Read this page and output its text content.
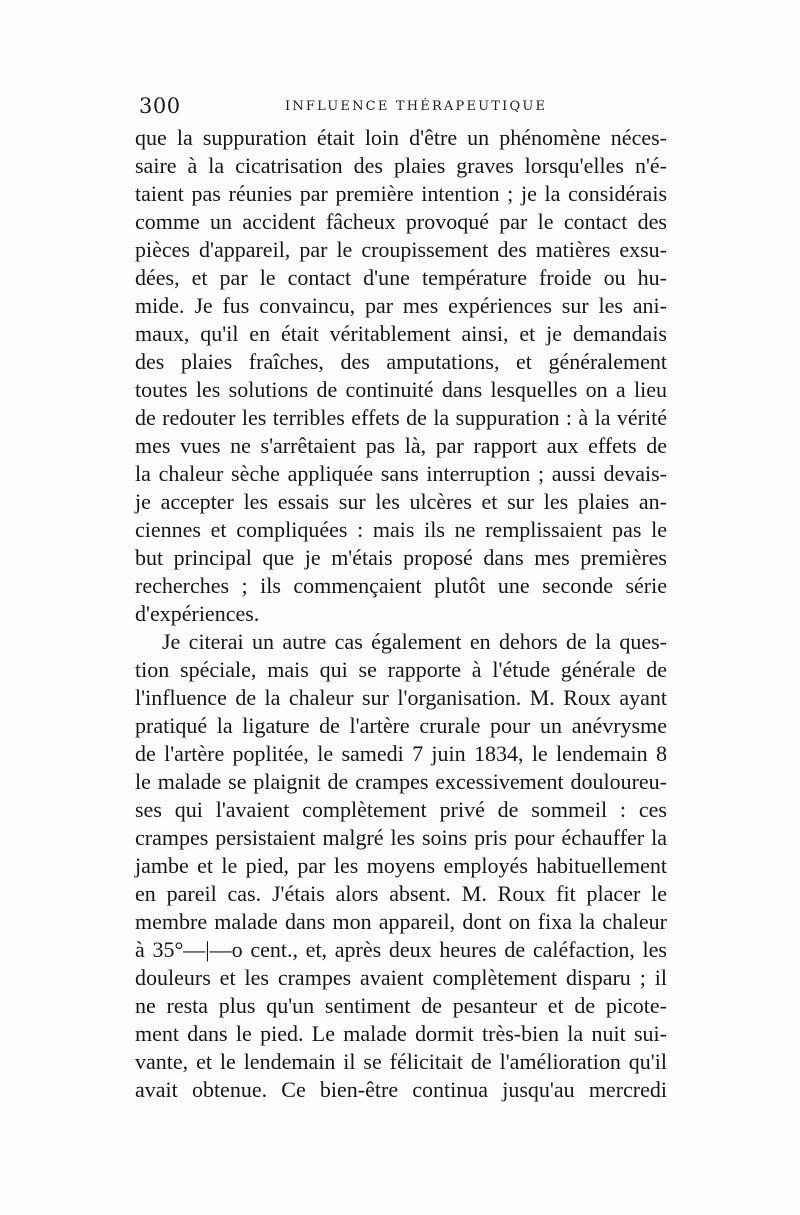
300	INFLUENCE THÉRAPEUTIQUE
que la suppuration était loin d'être un phénomène néces-
saire à la cicatrisation des plaies graves lorsqu'elles n'é-
taient pas réunies par première intention ; je la considérais
comme un accident fâcheux provoqué par le contact des
pièces d'appareil, par le croupissement des matières exsu-
dées, et par le contact d'une température froide ou hu-
mide. Je fus convaincu, par mes expériences sur les ani-
maux, qu'il en était véritablement ainsi, et je demandais
des plaies fraîches, des amputations, et généralement
toutes les solutions de continuité dans lesquelles on a lieu
de redouter les terribles effets de la suppuration : à la vérité
mes vues ne s'arrêtaient pas là, par rapport aux effets de
la chaleur sèche appliquée sans interruption ; aussi devais-
je accepter les essais sur les ulcères et sur les plaies an-
ciennes et compliquées : mais ils ne remplissaient pas le
but principal que je m'étais proposé dans mes premières
recherches ; ils commençaient plutôt une seconde série
d'expériences.
Je citerai un autre cas également en dehors de la ques-
tion spéciale, mais qui se rapporte à l'étude générale de
l'influence de la chaleur sur l'organisation. M. Roux ayant
pratiqué la ligature de l'artère crurale pour un anévrysme
de l'artère poplitée, le samedi 7 juin 1834, le lendemain 8
le malade se plaignit de crampes excessivement douloureu-
ses qui l'avaient complètement privé de sommeil : ces
crampes persistaient malgré les soins pris pour échauffer la
jambe et le pied, par les moyens employés habituellement
en pareil cas. J'étais alors absent. M. Roux fit placer le
membre malade dans mon appareil, dont on fixa la chaleur
à 35°—|—o cent., et, après deux heures de caléfaction, les
douleurs et les crampes avaient complètement disparu ; il
ne resta plus qu'un sentiment de pesanteur et de picote-
ment dans le pied. Le malade dormit très-bien la nuit sui-
vante, et le lendemain il se félicitait de l'amélioration qu'il
avait obtenue. Ce bien-être continua jusqu'au mercredi
